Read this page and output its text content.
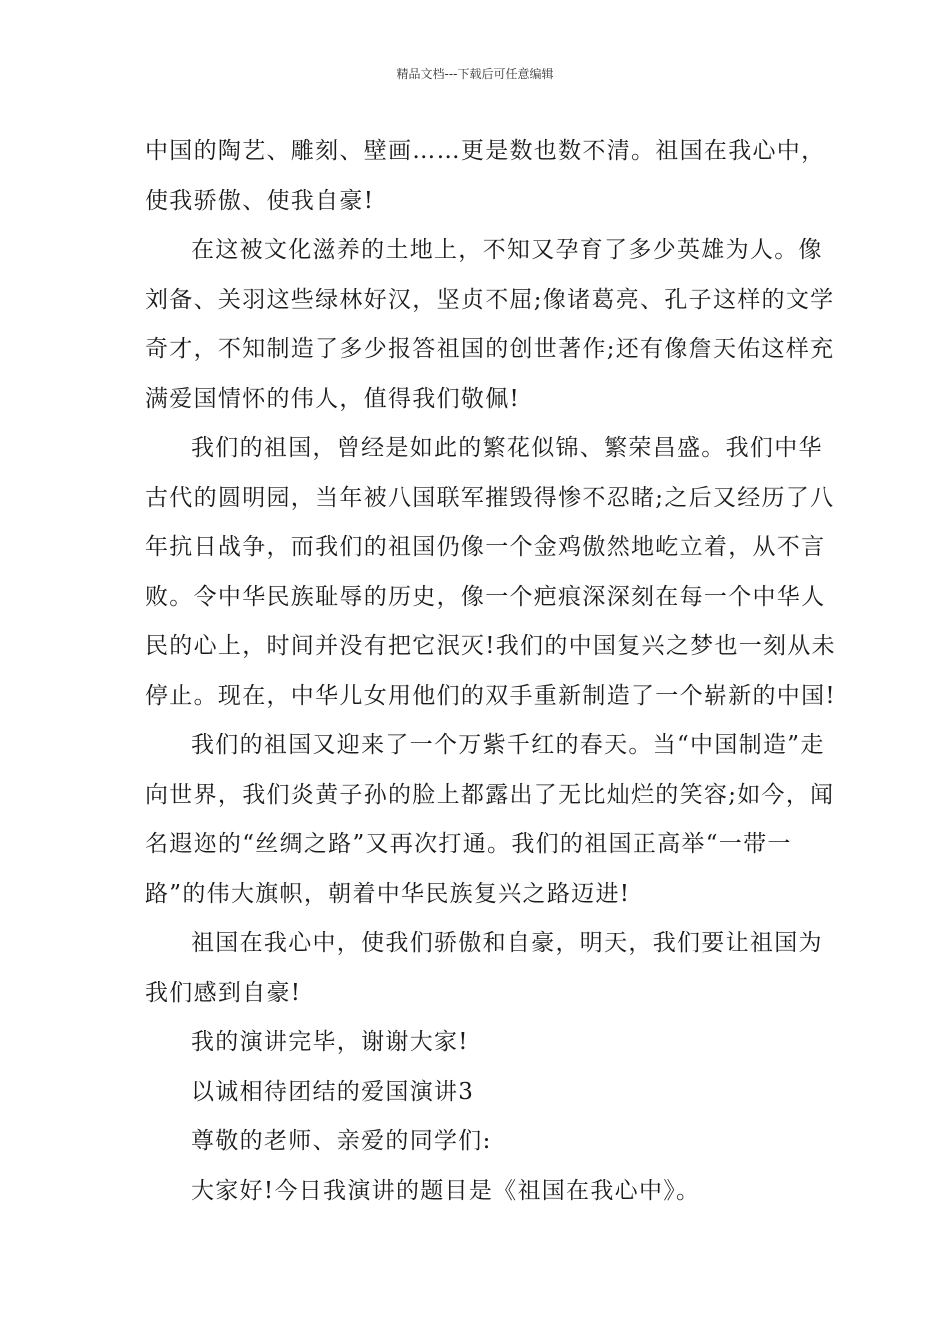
精品文档---下载后可任意编辑

中国的陶艺、雕刻、壁画……更是数也数不清。祖国在我心中，使我骄傲、使我自豪!

在这被文化滋养的土地上，不知又孕育了多少英雄为人。像刘备、关羽这些绿林好汉，坚贞不屈;像诸葛亮、孔子这样的文学奇才，不知制造了多少报答祖国的创世著作;还有像詹天佑这样充满爱国情怀的伟人，值得我们敬佩!

我们的祖国，曾经是如此的繁花似锦、繁荣昌盛。我们中华古代的圆明园，当年被八国联军摧毁得惨不忍睹;之后又经历了八年抗日战争，而我们的祖国仍像一个金鸡傲然地屹立着，从不言败。令中华民族耻辱的历史，像一个疤痕深深刻在每一个中华人民的心上，时间并没有把它泯灭!我们的中国复兴之梦也一刻从未停止。现在，中华儿女用他们的双手重新制造了一个崭新的中国!

我们的祖国又迎来了一个万紫千红的春天。当“中国制造”走向世界，我们炎黄子孙的脸上都露出了无比灿烂的笑容;如今，闻名遐迩的“丝绸之路”又再次打通。我们的祖国正高举“一带一路”的伟大旗帜，朝着中华民族复兴之路迈进!

祖国在我心中，使我们骄傲和自豪，明天，我们要让祖国为我们感到自豪!

我的演讲完毕，谢谢大家!

以诚相待团结的爱国演讲3

尊敬的老师、亲爱的同学们:

大家好!今日我演讲的题目是《祖国在我心中》。
